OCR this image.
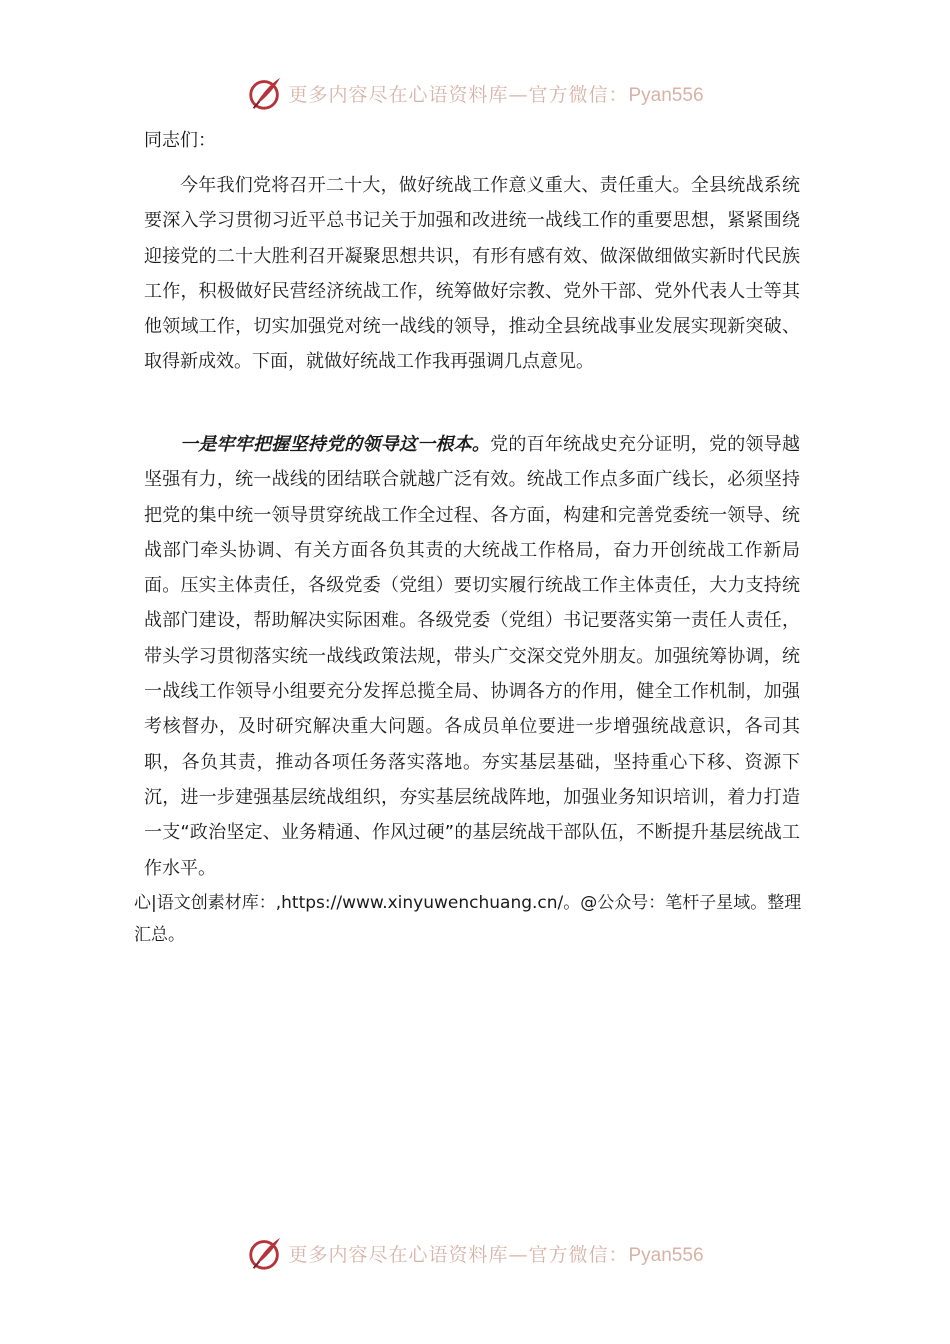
更多内容尽在心语资料库—官方微信：Pyan556

同志们：

今年我们党将召开二十大，做好统战工作意义重大、责任重大。全县统战系统要深入学习贯彻习近平总书记关于加强和改进统一战线工作的重要思想，紧紧围绕迎接党的二十大胜利召开凝聚思想共识，有形有感有效、做深做细做实新时代民族工作，积极做好民营经济统战工作，统筹做好宗教、党外干部、党外代表人士等其他领域工作，切实加强党对统一战线的领导，推动全县统战事业发展实现新突破、取得新成效。下面，就做好统战工作我再强调几点意见。

一是牢牢把握坚持党的领导这一根本。党的百年统战史充分证明，党的领导越坚强有力，统一战线的团结联合就越广泛有效。统战工作点多面广线长，必须坚持把党的集中统一领导贯穿统战工作全过程、各方面，构建和完善党委统一领导、统战部门牵头协调、有关方面各负其责的大统战工作格局，奋力开创统战工作新局面。压实主体责任，各级党委（党组）要切实履行统战工作主体责任，大力支持统战部门建设，帮助解决实际困难。各级党委（党组）书记要落实第一责任人责任，带头学习贯彻落实统一战线政策法规，带头广交深交党外朋友。加强统筹协调，统一战线工作领导小组要充分发挥总揽全局、协调各方的作用，健全工作机制，加强考核督办，及时研究解决重大问题。各成员单位要进一步增强统战意识，各司其职，各负其责，推动各项任务落实落地。夯实基层基础，坚持重心下移、资源下沉，进一步建强基层统战组织，夯实基层统战阵地，加强业务知识培训，着力打造一支“政治坚定、业务精通、作风过硬”的基层统战干部队伍，不断提升基层统战工作水平。

心|语文创素材库：,https://www.xinyuwenchuang.cn/。@公众号：笔杆子星域。整理汇总。

更多内容尽在心语资料库—官方微信：Pyan556
